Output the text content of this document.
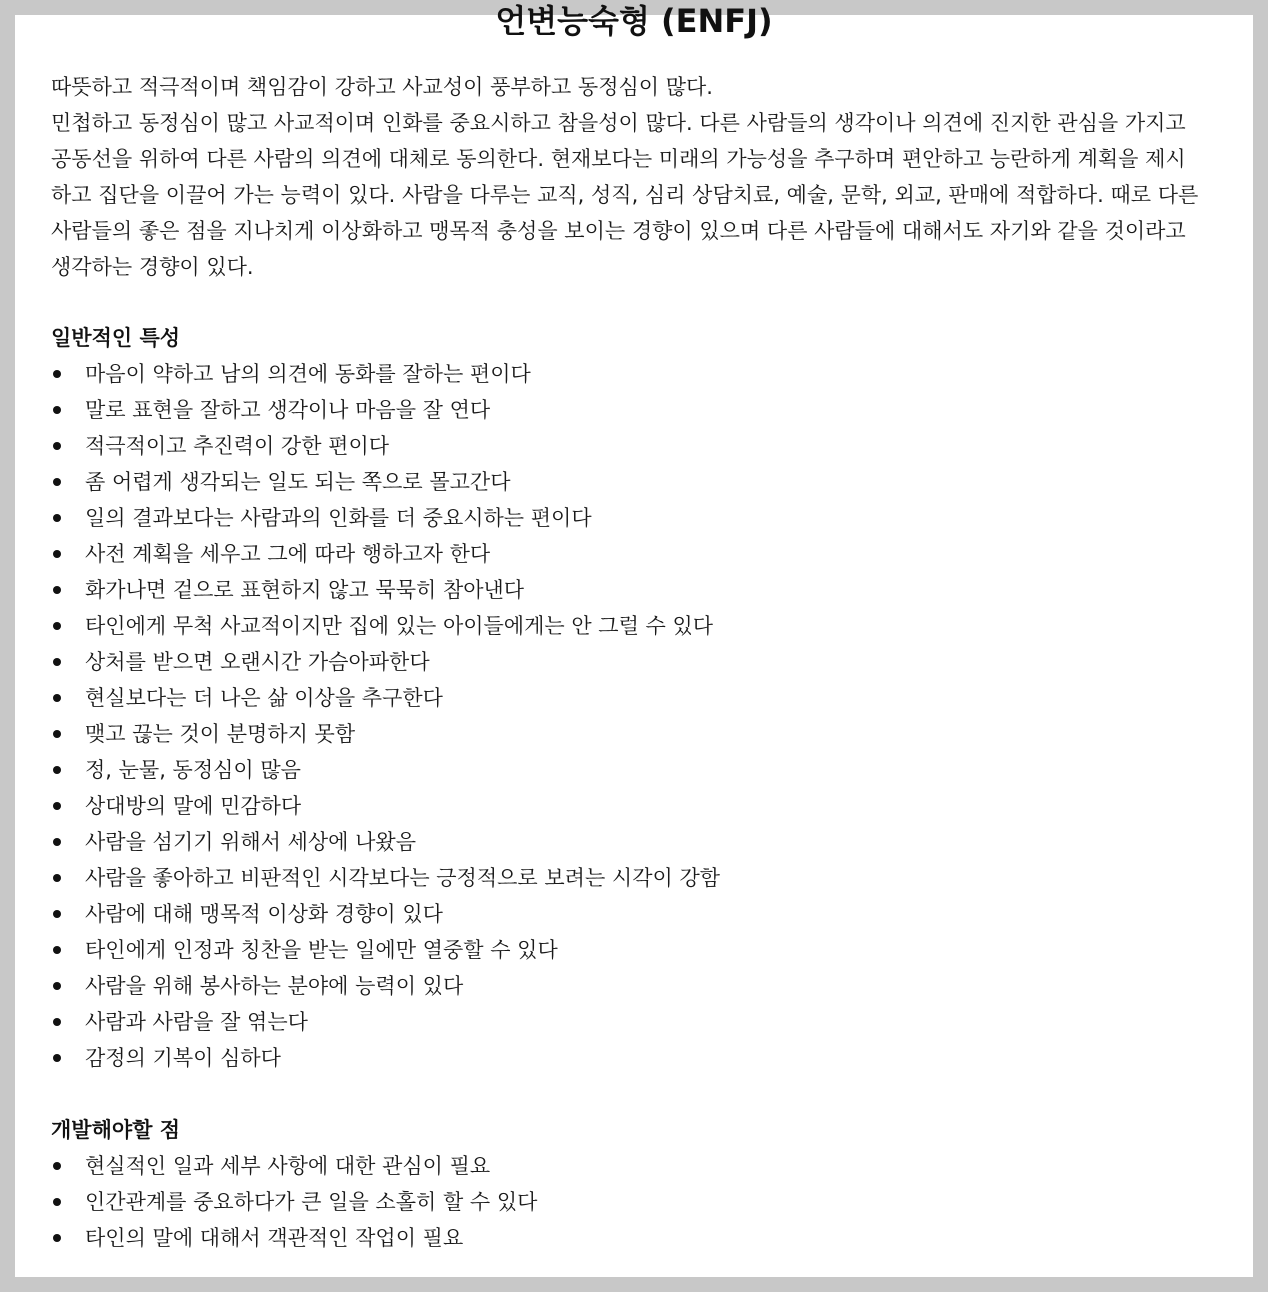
언변능숙형 (ENFJ)

따뜻하고 적극적이며 책임감이 강하고 사교성이 풍부하고 동정심이 많다.

민첩하고 동정심이 많고 사교적이며 인화를 중요시하고 참을성이 많다. 다른 사람들의 생각이나 의견에 진지한 관심을 가지고 공동선을 위하여 다른 사람의 의견에 대체로 동의한다. 현재보다는 미래의 가능성을 추구하며 편안하고 능란하게 계획을 제시하고 집단을 이끌어 가는 능력이 있다. 사람을 다루는 교직, 성직, 심리 상담치료, 예술, 문학, 외교, 판매에 적합하다. 때로 다른 사람들의 좋은 점을 지나치게 이상화하고 맹목적 충성을 보이는 경향이 있으며 다른 사람들에 대해서도 자기와 같을 것이라고 생각하는 경향이 있다.

일반적인 특성
마음이 약하고 남의 의견에 동화를 잘하는 편이다
말로 표현을 잘하고 생각이나 마음을 잘 연다
적극적이고 추진력이 강한 편이다
좀 어렵게 생각되는 일도 되는 쪽으로 몰고간다
일의 결과보다는 사람과의 인화를 더 중요시하는 편이다
사전 계획을 세우고 그에 따라 행하고자 한다
화가나면 겉으로 표현하지 않고 묵묵히 참아낸다
타인에게 무척 사교적이지만 집에 있는 아이들에게는 안 그럴 수 있다
상처를 받으면 오랜시간 가슴아파한다
현실보다는 더 나은 삶 이상을 추구한다
맺고 끊는 것이 분명하지 못함
정, 눈물, 동정심이 많음
상대방의 말에 민감하다
사람을 섬기기 위해서 세상에 나왔음
사람을 좋아하고 비판적인 시각보다는 긍정적으로 보려는 시각이 강함
사람에 대해 맹목적 이상화 경향이 있다
타인에게 인정과 칭찬을 받는 일에만 열중할 수 있다
사람을 위해 봉사하는 분야에 능력이 있다
사람과 사람을 잘 엮는다
감정의 기복이 심하다
개발해야할 점
현실적인 일과 세부 사항에 대한 관심이 필요
인간관계를 중요하다가 큰 일을 소홀히 할 수 있다
타인의 말에 대해서 객관적인 작업이 필요
